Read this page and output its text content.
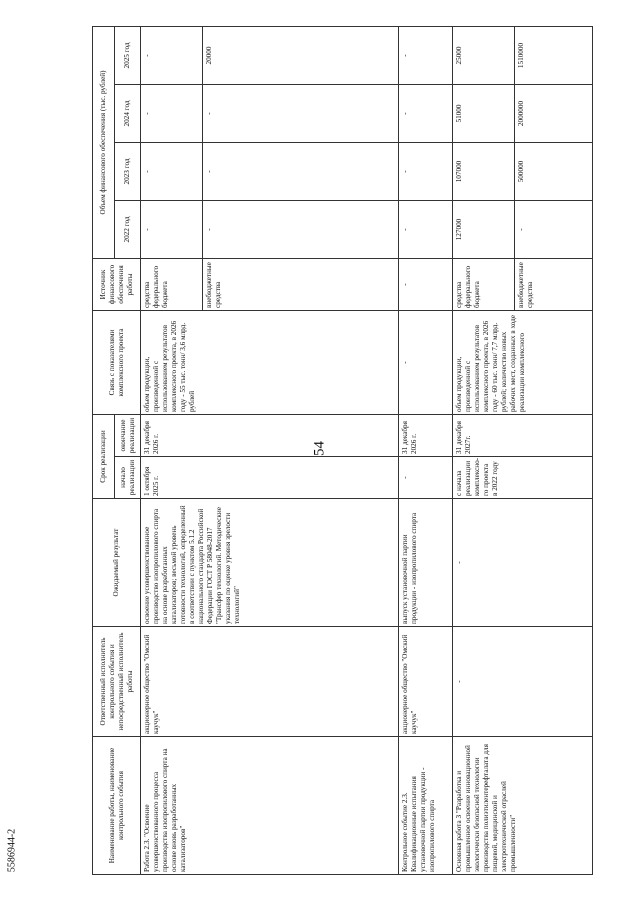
54
5586944-2	Наименование работы, наименование контрольного события	Ответственный исполнитель контрольного события и непосредственный исполнитель работы	Ожидаемый результат	Срок реализации		Связь с показателями комплексного проекта	Источник финансового обеспечения работы	Объем финансового обеспечения (тыс. рублей)			
			начало реализации	окончание реализации			2022 год	2023 год	2024 год	2025 год
Работа 2.3. "Освоение усовершенствованного процесса производства изопропилового спирта на основе вновь разработанных катализаторов"	акционерное общество "Омский каучук"	освоение усовершенствованное производство изопропилового спирта на основе разработанных катализаторов; весьмой уровень готовности технологий, определенный в соответствии с пунктом 5.1.2 национального стандарта Российской Федерации ГОСТ Р 58048-2017 "Трансфер технологий. Методические указания по оценке уровня зрелости технологий"	1 октября 2025 г.	31 декабря 2026 г.	объем продукции, произведенной с использованием результатов комплексного проекта, в 2026 году - 55 тыс. тонн/ 3,6 млрд. рублей	средства федерального бюджета	-	-	-	-
						внебюджетные средства	-	-	-	20000
Контрольное событие 2.3. Квалификационные испытания установочной партии продукции - изопропилового спирта	акционерное общество "Омский каучук"	выпуск установочной партии продукции - изопропилового спирта	-	31 декабря 2026 г.	-	-	-	-	-	-
Основная работа 3 "Разработка и промышленное освоение инновационной экологически безопасной технологии производства полиэтилентерефталата для пищевой, медицинской и электротехнической отраслей промышленности"	-	-	с начала реализации комплексно-го проекта в 2022 году	31 декабря 2027г.	объем продукции, произведенной с использованием результатов комплексного проекта, в 2026 году - 60 тыс. тонн/ 7,7 млрд. рублей; количество новых рабочих мест, созданных в ходе реализации комплексного	средства федерального бюджета	127000	107000	51000	25000
						внебюджетные средства	-	500000	2000000	1510000
